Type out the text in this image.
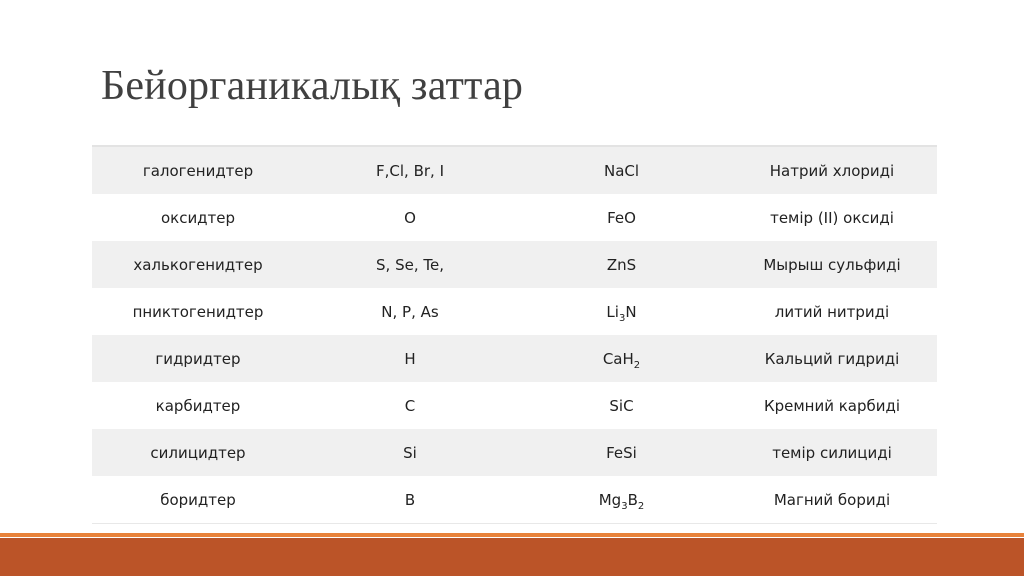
Бейорганикалық заттар
галогенидтер	F,Cl, Br, I	NaCl	Натрий хлориді
оксидтер	O	FeO	темір (II) оксиді
халькогенидтер	S, Se, Te,	ZnS	Мырыш сульфиді
пниктогенидтер	N, P, As	$Li_3N$	литий нитриді
гидридтер	H	CaH$_2$	Кальций гидриді
карбидтер	C	SiC	Кремний карбиді
силицидтер	Si	FeSi	темір силициді
боридтер	B	$Mg_3B_2$	Магний бориді
